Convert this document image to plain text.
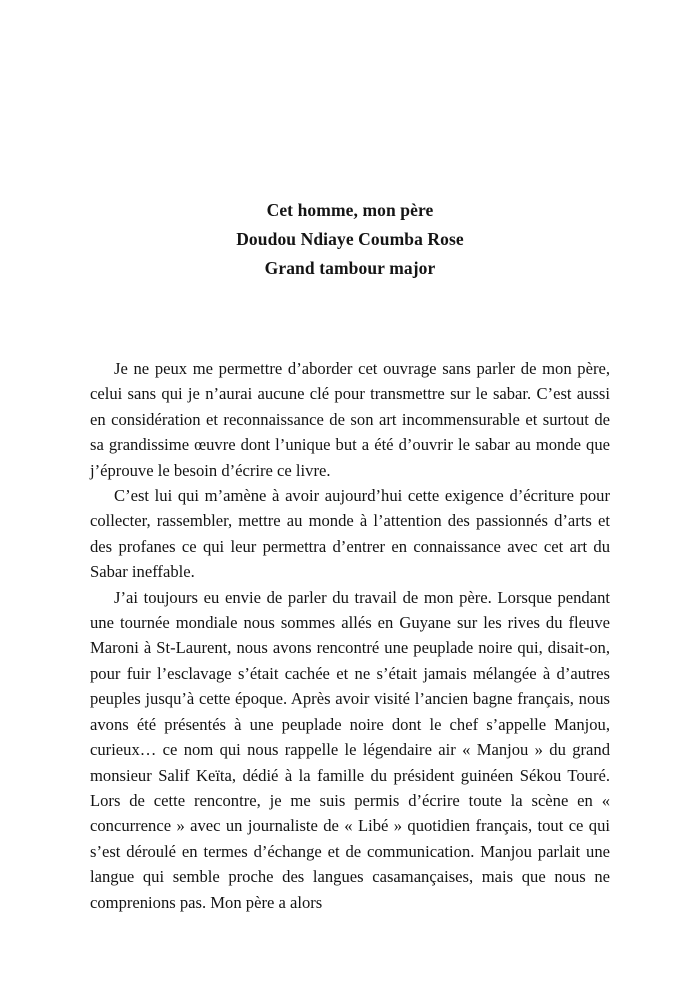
Cet homme, mon père
Doudou Ndiaye Coumba Rose
Grand tambour major

Je ne peux me permettre d’aborder cet ouvrage sans parler de mon père, celui sans qui je n’aurai aucune clé pour transmettre sur le sabar. C’est aussi en considération et reconnaissance de son art incommensurable et surtout de sa grandissime œuvre dont l’unique but a été d’ouvrir le sabar au monde que j’éprouve le besoin d’écrire ce livre.

C’est lui qui m’amène à avoir aujourd’hui cette exigence d’écriture pour collecter, rassembler, mettre au monde à l’attention des passionnés d’arts et des profanes ce qui leur permettra d’entrer en connaissance avec cet art du Sabar ineffable.

J’ai toujours eu envie de parler du travail de mon père. Lorsque pendant une tournée mondiale nous sommes allés en Guyane sur les rives du fleuve Maroni à St-Laurent, nous avons rencontré une peuplade noire qui, disait-on, pour fuir l’esclavage s’était cachée et ne s’était jamais mélangée à d’autres peuples jusqu’à cette époque. Après avoir visité l’ancien bagne français, nous avons été présentés à une peuplade noire dont le chef s’appelle Manjou, curieux… ce nom qui nous rappelle le légendaire air « Manjou » du grand monsieur Salif Keïta, dédié à la famille du président guinéen Sékou Touré. Lors de cette rencontre, je me suis permis d’écrire toute la scène en « concurrence » avec un journaliste de « Libé » quotidien français, tout ce qui s’est déroulé en termes d’échange et de communication. Manjou parlait une langue qui semble proche des langues casamançaises, mais que nous ne comprenions pas. Mon père a alors
